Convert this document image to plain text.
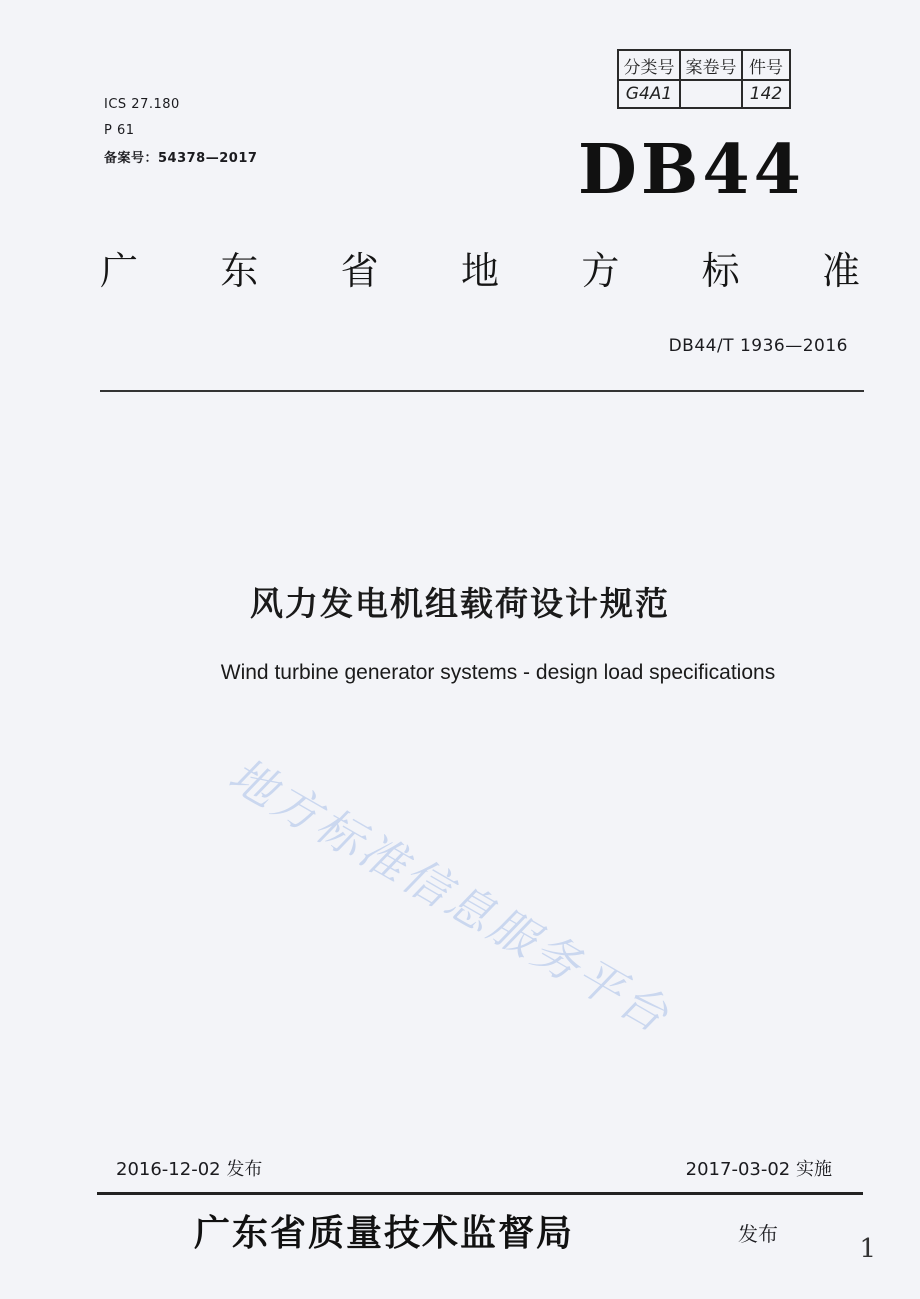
分类号	案卷号	件号
G4A1		142
ICS 27.180
P 61
备案号：54378—2017	DB44
广 东 省 地 方 标 准
DB44/T 1936—2016
风力发电机组载荷设计规范
Wind turbine generator systems - design load specifications
地方标准信息服务平台
2016-12-02 发布	2017-03-02 实施
广东省质量技术监督局	发布	1
